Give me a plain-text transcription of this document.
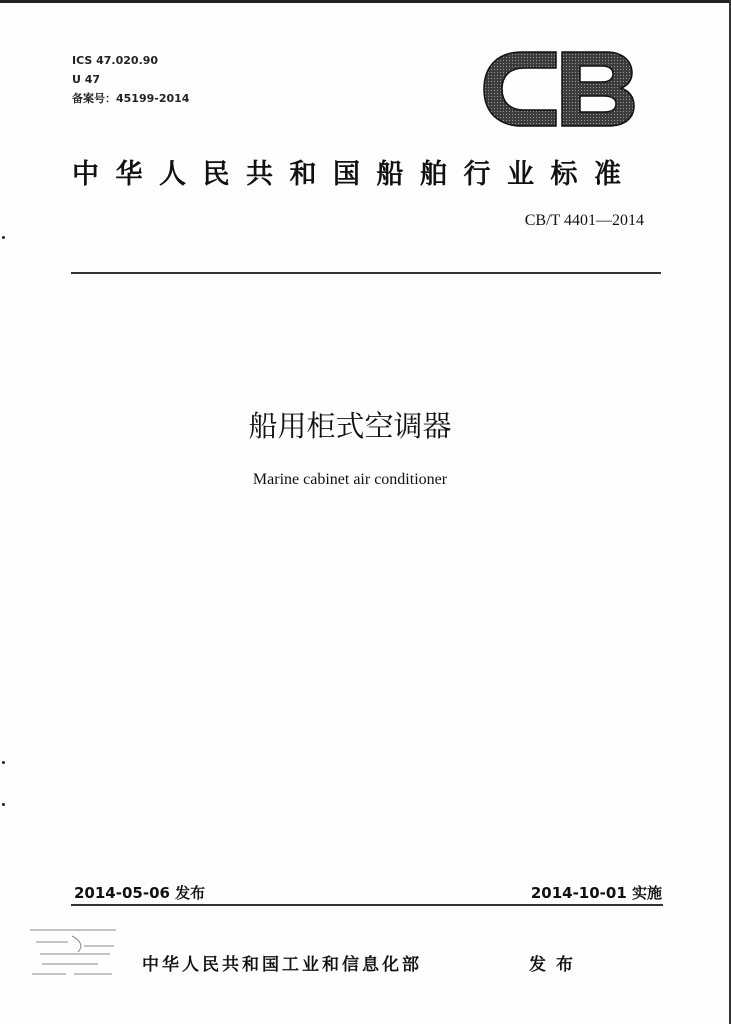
ICS 47.020.90
U 47
备案号：45199-2014
中华人民共和国船舶行业标准
CB/T 4401—2014
船用柜式空调器
Marine cabinet air conditioner
2014-05-06 发布	2014-10-01 实施
中华人民共和国工业和信息化部	发布
